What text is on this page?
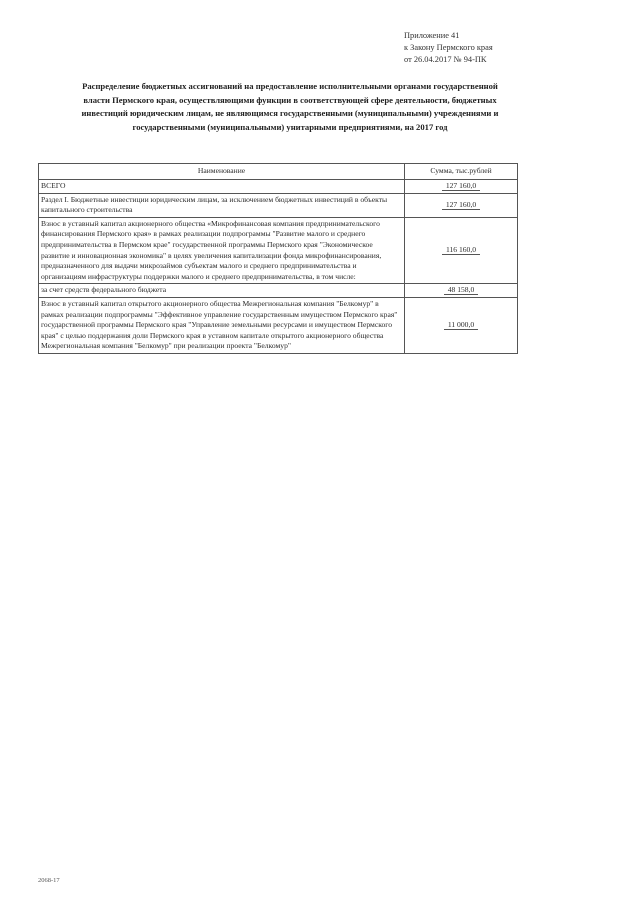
Приложение 41
к Закону Пермского края
от 26.04.2017 № 94-ПК
Распределение бюджетных ассигнований на предоставление исполнительными органами государственной власти Пермского края, осуществляющими функции в соответствующей сфере деятельности, бюджетных инвестиций юридическим лицам, не являющимся государственными (муниципальными) учреждениями и государственными (муниципальными) унитарными предприятиями, на 2017 год
Наименование	Сумма, тыс.рублей
ВСЕГО	127 160,0
Раздел I. Бюджетные инвестиции юридическим лицам, за исключением бюджетных инвестиций в объекты капитального строительства	127 160,0
Взнос в уставный капитал акционерного общества «Микрофинансовая компания предпринимательского финансирования Пермского края» в рамках реализации подпрограммы "Развитие малого и среднего предпринимательства в Пермском крае" государственной программы Пермского края "Экономическое развитие и инновационная экономика" в целях увеличения капитализации фонда микрофинансирования, предназначенного для выдачи микрозаймов субъектам малого и среднего предпринимательства и организациям инфраструктуры поддержки малого и среднего предпринимательства, в том числе:	116 160,0
за счет средств федерального бюджета	48 158,0
Взнос в уставный капитал открытого акционерного общества Межрегиональная компания "Белкомур" в рамках реализации подпрограммы "Эффективное управление государственным имуществом Пермского края" государственной программы Пермского края "Управление земельными ресурсами и имуществом Пермского края" с целью поддержания доли Пермского края в уставном капитале открытого акционерного общества Межрегиональная компания "Белкомур" при реализации проекта "Белкомур"	11 000,0
2068-17
